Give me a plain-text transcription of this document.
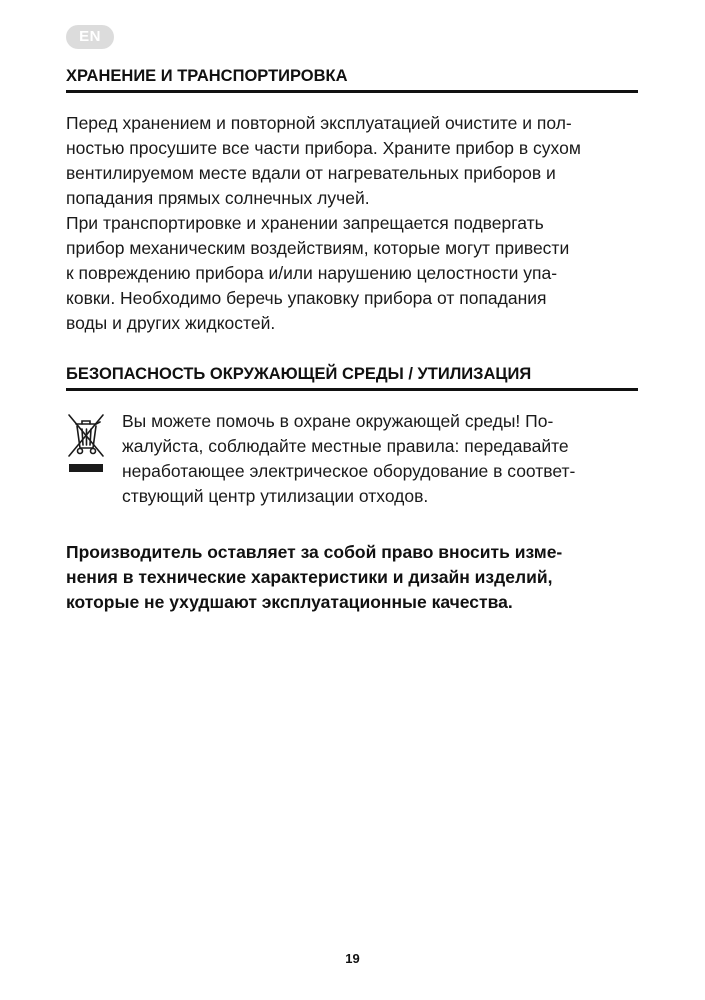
EN
ХРАНЕНИЕ И ТРАНСПОРТИРОВКА

Перед хранением и повторной эксплуатацией очистите и пол-
ностью просушите все части прибора. Храните прибор в сухом
вентилируемом месте вдали от нагревательных приборов и
попадания прямых солнечных лучей.

При транспортировке и хранении запрещается подвергать
прибор механическим воздействиям, которые могут привести
к повреждению прибора и/или нарушению целостности упа-
ковки. Необходимо беречь упаковку прибора от попадания
воды и других жидкостей.

БЕЗОПАСНОСТЬ ОКРУЖАЮЩЕЙ СРЕДЫ / УТИЛИЗАЦИЯ

Вы можете помочь в охране окружающей среды! По-
жалуйста, соблюдайте местные правила: передавайте
неработающее электрическое оборудование в соответ-
ствующий центр утилизации отходов.

Производитель оставляет за собой право вносить изме-
нения в технические характеристики и дизайн изделий,
которые не ухудшают эксплуатационные качества.

19
